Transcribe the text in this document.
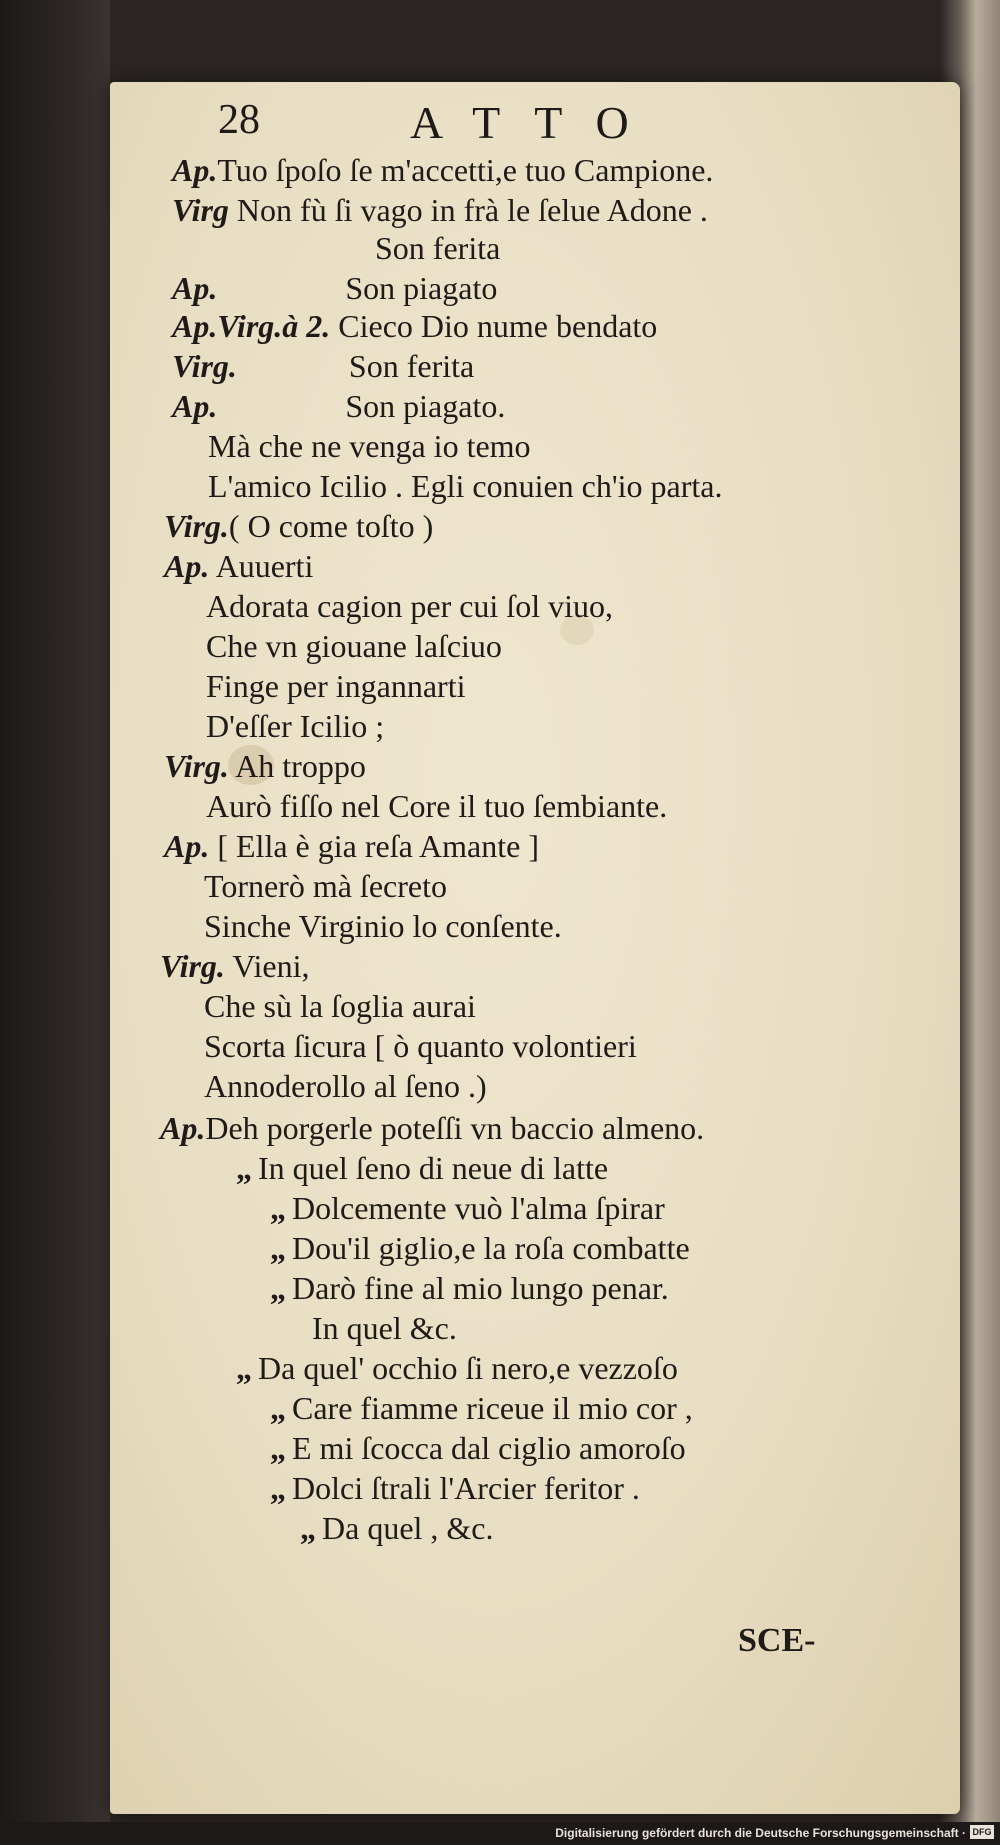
28	ATTO
Ap.Tuo ſpoſo ſe m'accetti,e tuo Campione.
Virg Non fù ſi vago in frà le ſelue Adone .
Son ferita
Ap.                Son piagato
Ap.Virg.à 2. Cieco Dio nume bendato
Virg.              Son ferita
Ap.                Son piagato.
Mà che ne venga io temo
L'amico Icilio . Egli conuien ch'io parta.
Virg.( O come toſto )
Ap. Auuerti
Adorata cagion per cui ſol viuo,
Che vn giouane laſciuo
Finge per ingannarti
D'eſſer Icilio ;
Virg. Ah troppo
Aurò fiſſo nel Core il tuo ſembiante.
Ap. [ Ella è gia reſa Amante ]
Tornerò mà ſecreto
Sinche Virginio lo conſente.
Virg. Vieni,
Che sù la ſoglia aurai
Scorta ſicura [ ò quanto volontieri
Annoderollo al ſeno .)
Ap.Deh porgerle poteſſi vn baccio almeno.
„ In quel ſeno di neue di latte
„ Dolcemente vuò l'alma ſpirar
„ Dou'il giglio,e la roſa combatte
„ Darò fine al mio lungo penar.
In quel &c.
„ Da quel' occhio ſi nero,e vezzoſo
„ Care fiamme riceue il mio cor ,
„ E mi ſcocca dal ciglio amoroſo
„ Dolci ſtrali l'Arcier feritor .
„ Da quel , &c.
SCE-
Digitalisierung gefördert durch die Deutsche Forschungsgemeinschaft · DFG
